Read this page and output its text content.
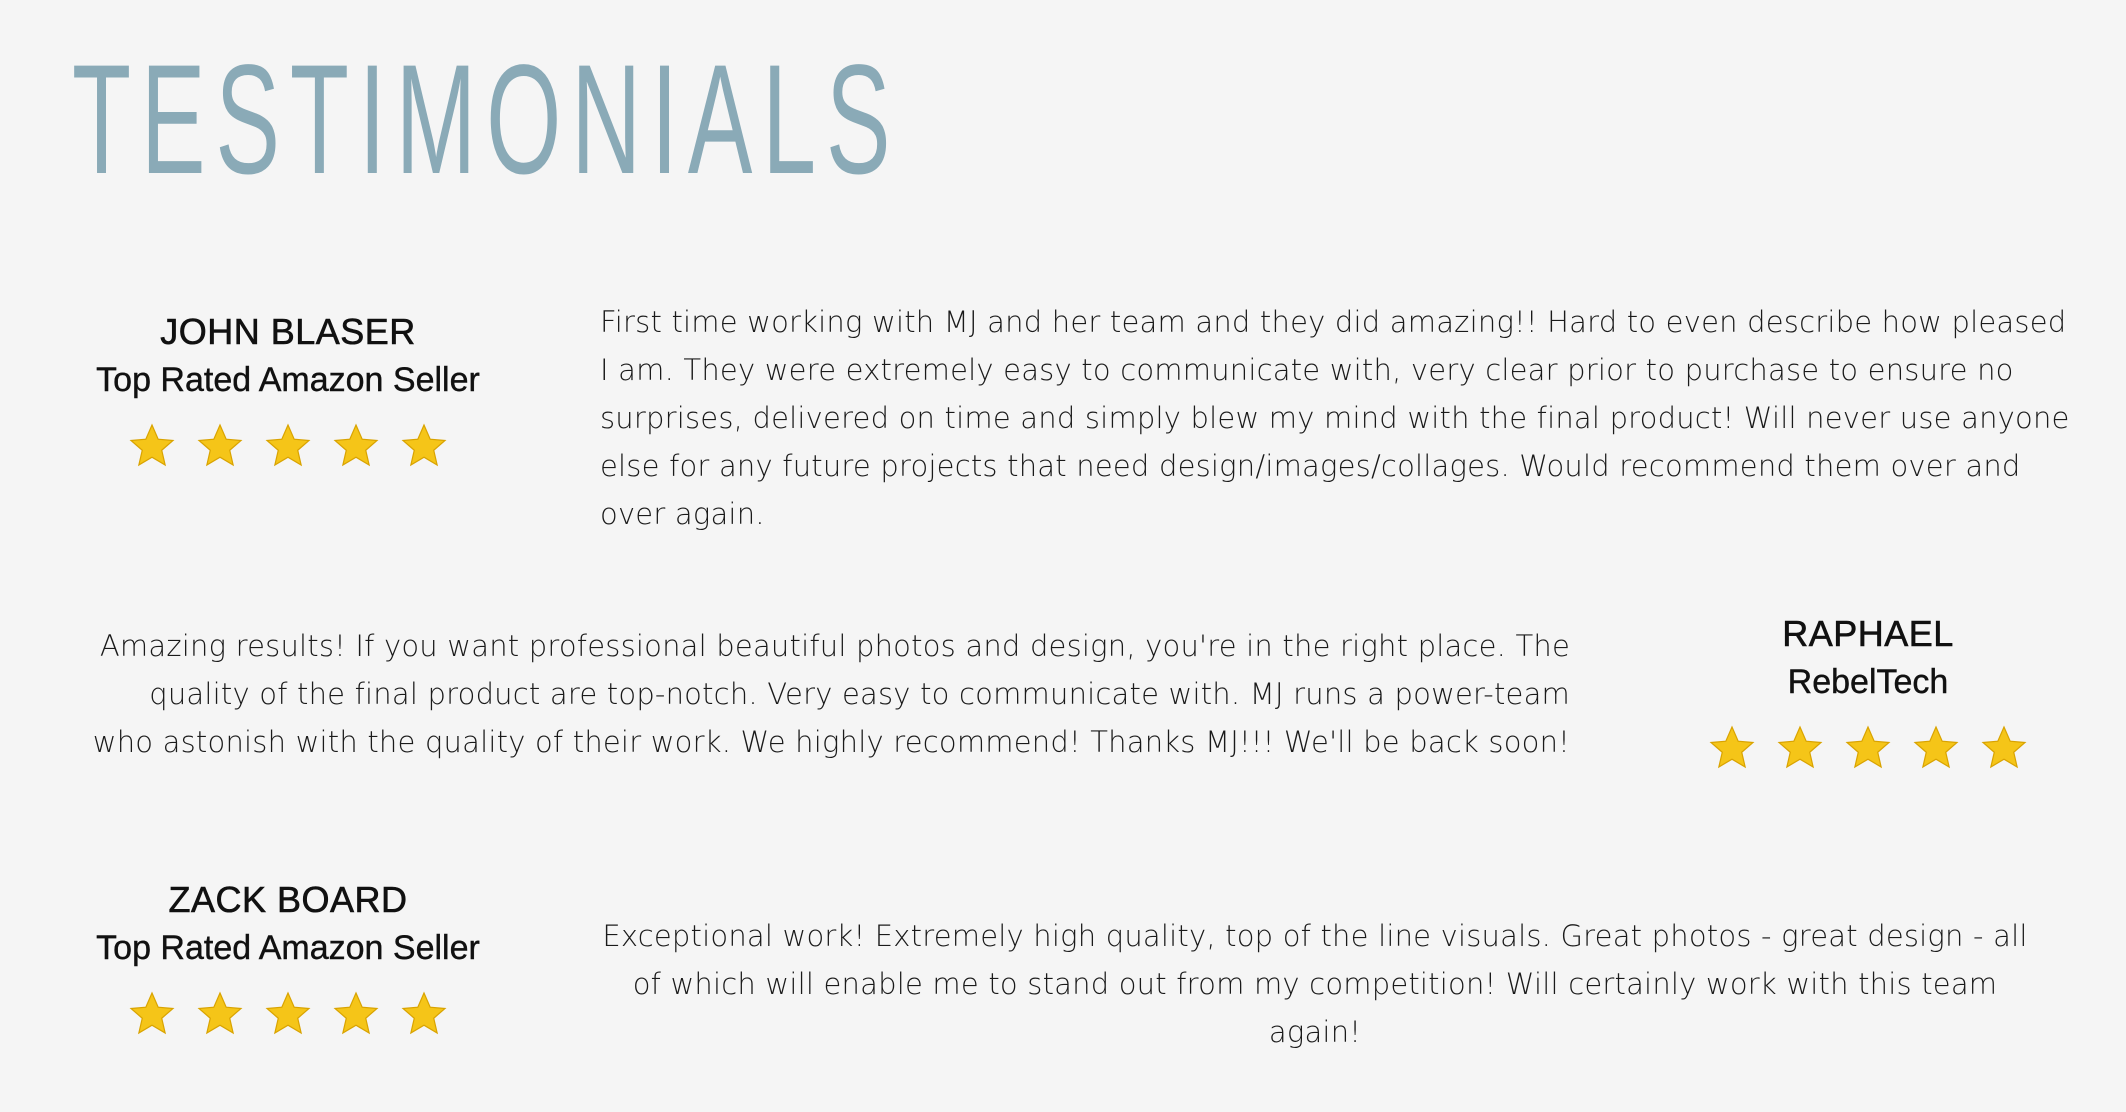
TESTIMONIALS
JOHN BLASER
Top Rated Amazon Seller
First time working with MJ and her team and they did amazing!! Hard to even describe how pleased I am. They were extremely easy to communicate with, very clear prior to purchase to ensure no surprises, delivered on time and simply blew my mind with the final product! Will never use anyone else for any future projects that need design/images/collages. Would recommend them over and over again.
Amazing results! If you want professional beautiful photos and design, you're in the right place. The quality of the final product are top-notch. Very easy to communicate with. MJ runs a power-team who astonish with the quality of their work. We highly recommend! Thanks MJ!!! We'll be back soon!
RAPHAEL
RebelTech
ZACK BOARD
Top Rated Amazon Seller	Exceptional work! Extremely high quality, top of the line visuals. Great photos - great design - all of which will enable me to stand out from my competition! Will certainly work with this team again!
